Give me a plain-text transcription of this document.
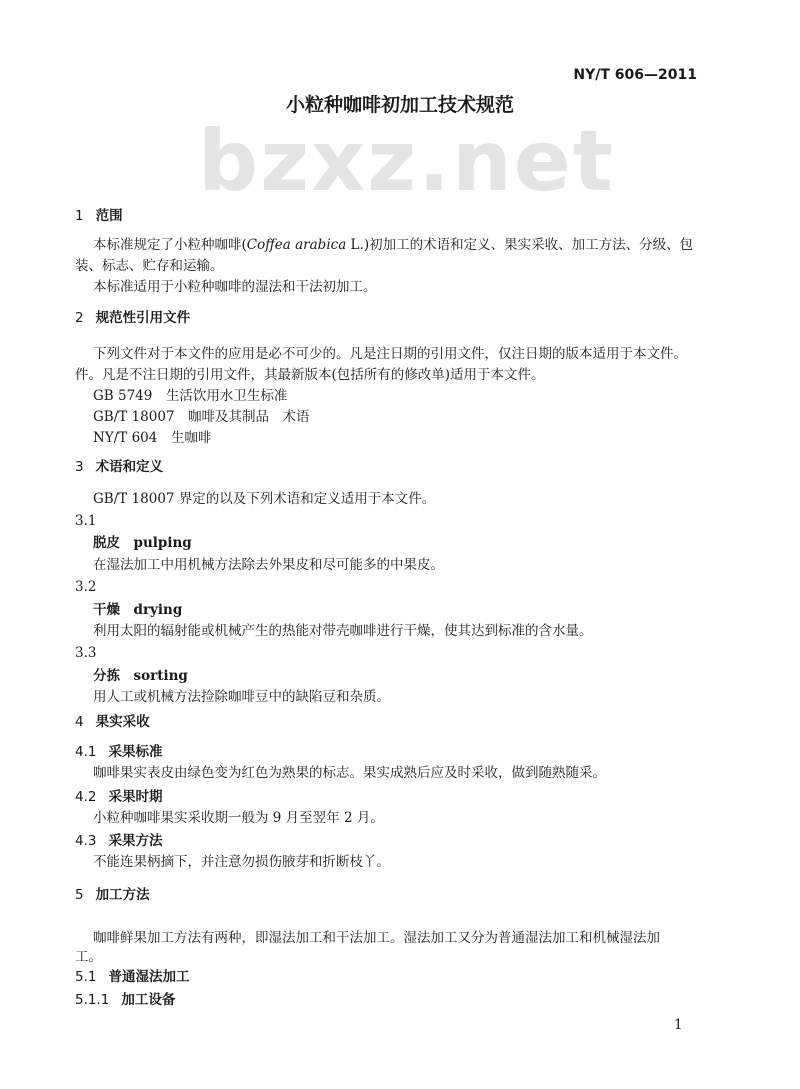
NY/T 606—2011
小粒种咖啡初加工技术规范
bzxz.net
1 范围
本标准规定了小粒种咖啡(Coffea arabica L.)初加工的术语和定义、果实采收、加工方法、分级、包
装、标志、贮存和运输。
本标准适用于小粒种咖啡的湿法和干法初加工。
2 规范性引用文件
下列文件对于本文件的应用是必不可少的。凡是注日期的引用文件，仅注日期的版本适用于本文件。
件。凡是不注日期的引用文件，其最新版本(包括所有的修改单)适用于本文件。
GB 5749　 生活饮用水卫生标准
GB/T 18007　 咖啡及其制品　术语
NY/T 604　 生咖啡
3 术语和定义
GB/T 18007 界定的以及下列术语和定义适用于本文件。
3.1
脱皮　 pulping
在湿法加工中用机械方法除去外果皮和尽可能多的中果皮。
3.2
干燥　 drying
利用太阳的辐射能或机械产生的热能对带壳咖啡进行干燥，使其达到标准的含水量。
3.3
分拣　 sorting
用人工或机械方法捡除咖啡豆中的缺陷豆和杂质。
4 果实采收
4.1 采果标准
咖啡果实表皮由绿色变为红色为熟果的标志。果实成熟后应及时采收，做到随熟随采。
4.2 采果时期
小粒种咖啡果实采收期一般为 9 月至翌年 2 月。
4.3 采果方法
不能连果柄摘下，并注意勿损伤腋芽和折断枝丫。
5 加工方法
咖啡鲜果加工方法有两种，即湿法加工和干法加工。湿法加工又分为普通湿法加工和机械湿法加
工。
5.1 普通湿法加工
5.1.1 加工设备
1
